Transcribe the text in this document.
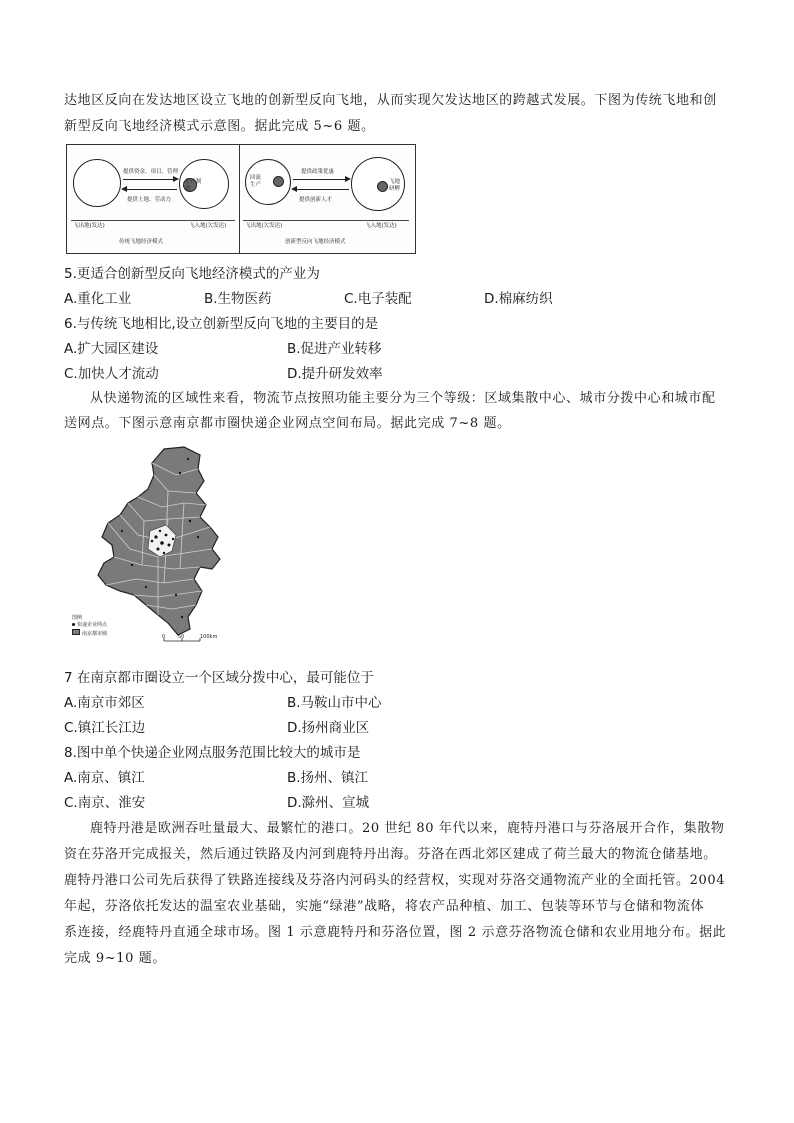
达地区反向在发达地区设立飞地的创新型反向飞地，从而实现欠发达地区的跨越式发展。下图为传统飞地和创
新型反向飞地经济模式示意图。据此完成 5~6 题。
生产制造
提供资金、项目、管理
提供土地、劳动力
飞出地(发达)	飞入地(欠发达)
传统飞地经济模式
回流生产	飞地研孵
提供政策优惠
提供创新人才
飞出地(欠发达)	飞入地(发达)
创新型反向飞地经济模式
5.更适合创新型反向飞地经济模式的产业为
A.重化工业	B.生物医药	C.电子装配	D.棉麻纺织
6.与传统飞地相比,设立创新型反向飞地的主要目的是
A.扩大园区建设	B.促进产业转移
C.加快人才流动	D.提升研发效率
从快递物流的区域性来看，物流节点按照功能主要分为三个等级：区域集散中心、城市分拨中心和城市配
送网点。下图示意南京都市圈快递企业网点空间布局。据此完成 7~8 题。
图例
快递企业网点
南京都市圈	0	50	100km
7 在南京都市圈设立一个区域分拨中心，最可能位于
A.南京市郊区	B.马鞍山市中心
C.镇江长江边	D.扬州商业区
8.图中单个快递企业网点服务范围比较大的城市是
A.南京、镇江	B.扬州、镇江
C.南京、淮安	D.滁州、宣城
鹿特丹港是欧洲吞吐量最大、最繁忙的港口。20 世纪 80 年代以来，鹿特丹港口与芬洛展开合作，集散物
资在芬洛开完成报关，然后通过铁路及内河到鹿特丹出海。芬洛在西北郊区建成了荷兰最大的物流仓储基地。
鹿特丹港口公司先后获得了铁路连接线及芬洛内河码头的经营权，实现对芬洛交通物流产业的全面托管。2004
年起，芬洛依托发达的温室农业基础，实施“绿港”战略，将农产品种植、加工、包装等环节与仓储和物流体
系连接，经鹿特丹直通全球市场。图 1 示意鹿特丹和芬洛位置，图 2 示意芬洛物流仓储和农业用地分布。据此
完成 9~10 题。
